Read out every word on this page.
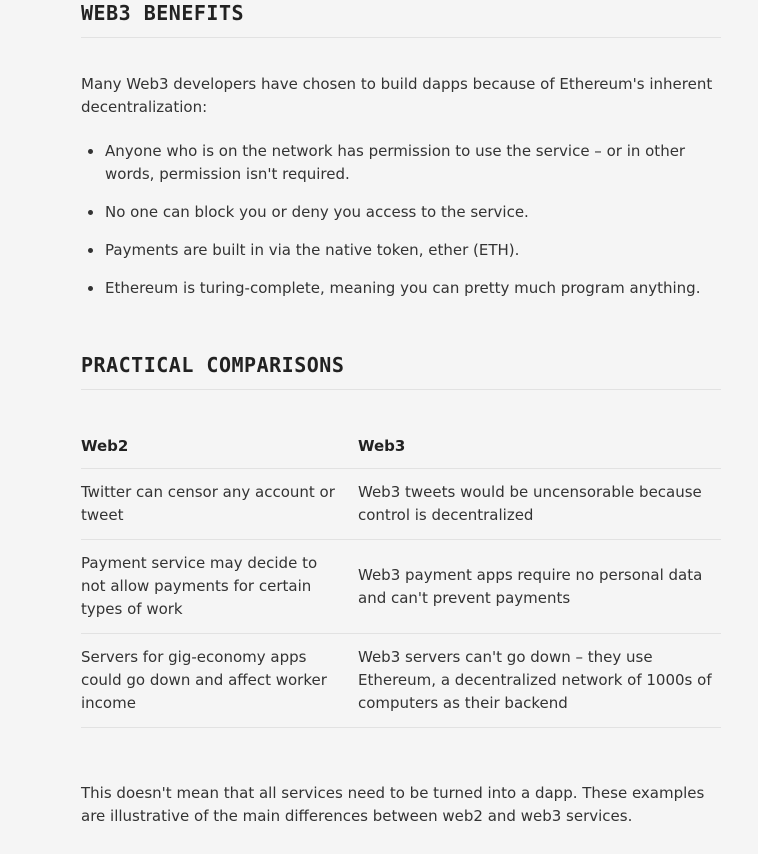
WEB3 BENEFITS

Many Web3 developers have chosen to build dapps because of Ethereum's inherent decentralization:

Anyone who is on the network has permission to use the service – or in other words, permission isn't required.
No one can block you or deny you access to the service.
Payments are built in via the native token, ether (ETH).
Ethereum is turing-complete, meaning you can pretty much program anything.
PRACTICAL COMPARISONS
Web2	Web3
Twitter can censor any account or tweet	Web3 tweets would be uncensorable because control is decentralized
Payment service may decide to not allow payments for certain types of work	Web3 payment apps require no personal data and can't prevent payments
Servers for gig-economy apps could go down and affect worker income	Web3 servers can't go down – they use Ethereum, a decentralized network of 1000s of computers as their backend

This doesn't mean that all services need to be turned into a dapp. These examples are illustrative of the main differences between web2 and web3 services.
